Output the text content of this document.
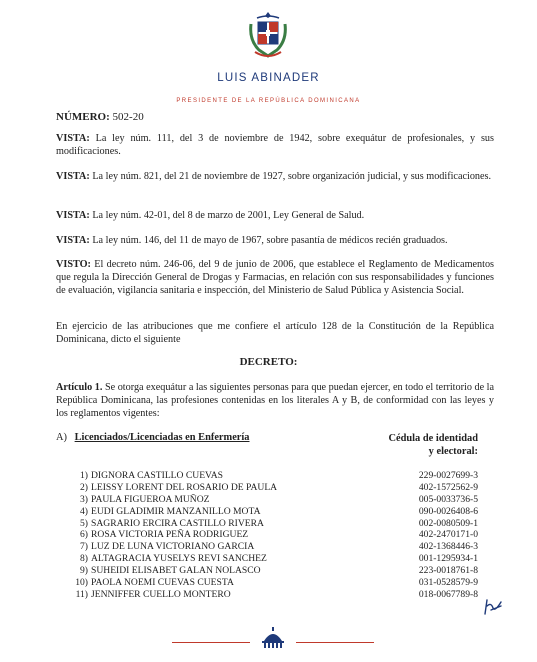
LUIS ABINADER
PRESIDENTE DE LA REPÚBLICA DOMINICANA
NÚMERO: 502-20
VISTA: La ley núm. 111, del 3 de noviembre de 1942, sobre exequátur de profesionales, y sus modificaciones.
VISTA: La ley núm. 821, del 21 de noviembre de 1927, sobre organización judicial, y sus modificaciones.
VISTA: La ley núm. 42-01, del 8 de marzo de 2001, Ley General de Salud.
VISTA: La ley núm. 146, del 11 de mayo de 1967, sobre pasantía de médicos recién graduados.
VISTO: El decreto núm. 246-06, del 9 de junio de 2006, que establece el Reglamento de Medicamentos que regula la Dirección General de Drogas y Farmacias, en relación con sus responsabilidades y funciones de evaluación, vigilancia sanitaria e inspección, del Ministerio de Salud Pública y Asistencia Social.
En ejercicio de las atribuciones que me confiere el artículo 128 de la Constitución de la República Dominicana, dicto el siguiente
DECRETO:
Artículo 1. Se otorga exequátur a las siguientes personas para que puedan ejercer, en todo el territorio de la República Dominicana, las profesiones contenidas en los literales A y B, de conformidad con las leyes y los reglamentos vigentes:
A) Licenciados/Licenciadas en Enfermería	Cédula de identidad
y electoral:
1) DIGNORA CASTILLO CUEVAS	229-0027699-3
2) LEISSY LORENT DEL ROSARIO DE PAULA	402-1572562-9
3) PAULA FIGUEROA MUÑOZ	005-0033736-5
4) EUDI GLADIMIR MANZANILLO MOTA	090-0026408-6
5) SAGRARIO ERCIRA CASTILLO RIVERA	002-0080509-1
6) ROSA VICTORIA PEÑA RODRIGUEZ	402-2470171-0
7) LUZ DE LUNA VICTORIANO GARCIA	402-1368446-3
8) ALTAGRACIA YUSELYS REVI SANCHEZ	001-1295934-1
9) SUHEIDI ELISABET GALAN NOLASCO	223-0018761-8
10) PAOLA NOEMI CUEVAS CUESTA	031-0528579-9
11) JENNIFFER CUELLO MONTERO	018-0067789-8
